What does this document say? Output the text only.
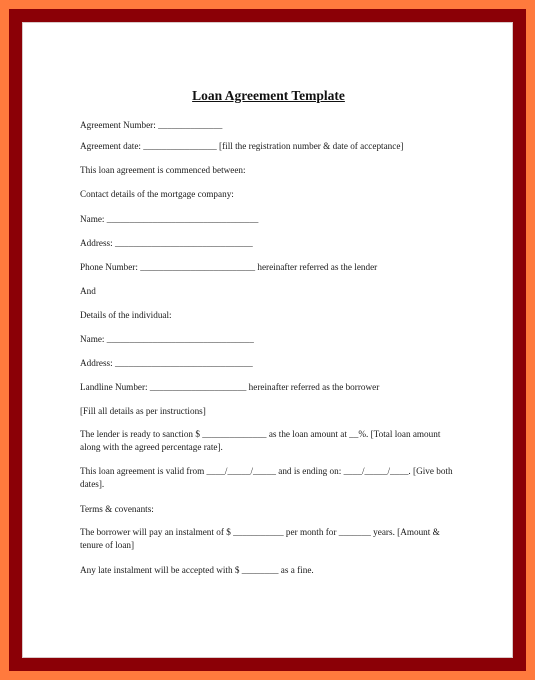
Loan Agreement Template

Agreement Number: ______________

Agreement date: ________________ [fill the registration number & date of acceptance]

This loan agreement is commenced between:

Contact details of the mortgage company:

Name: _________________________________

Address: ______________________________

Phone Number: _________________________ hereinafter referred as the lender

And

Details of the individual:

Name: ________________________________

Address: ______________________________

Landline Number: _____________________ hereinafter referred as the borrower

[Fill all details as per instructions]

The lender is ready to sanction $ ______________ as the loan amount at __%. [Total loan amount along with the agreed percentage rate].

This loan agreement is valid from ____/_____/_____ and is ending on: ____/_____/____. [Give both dates].

Terms & covenants:

The borrower will pay an instalment of $ ___________ per month for _______ years. [Amount & tenure of loan]

Any late instalment will be accepted with $ ________ as a fine.
